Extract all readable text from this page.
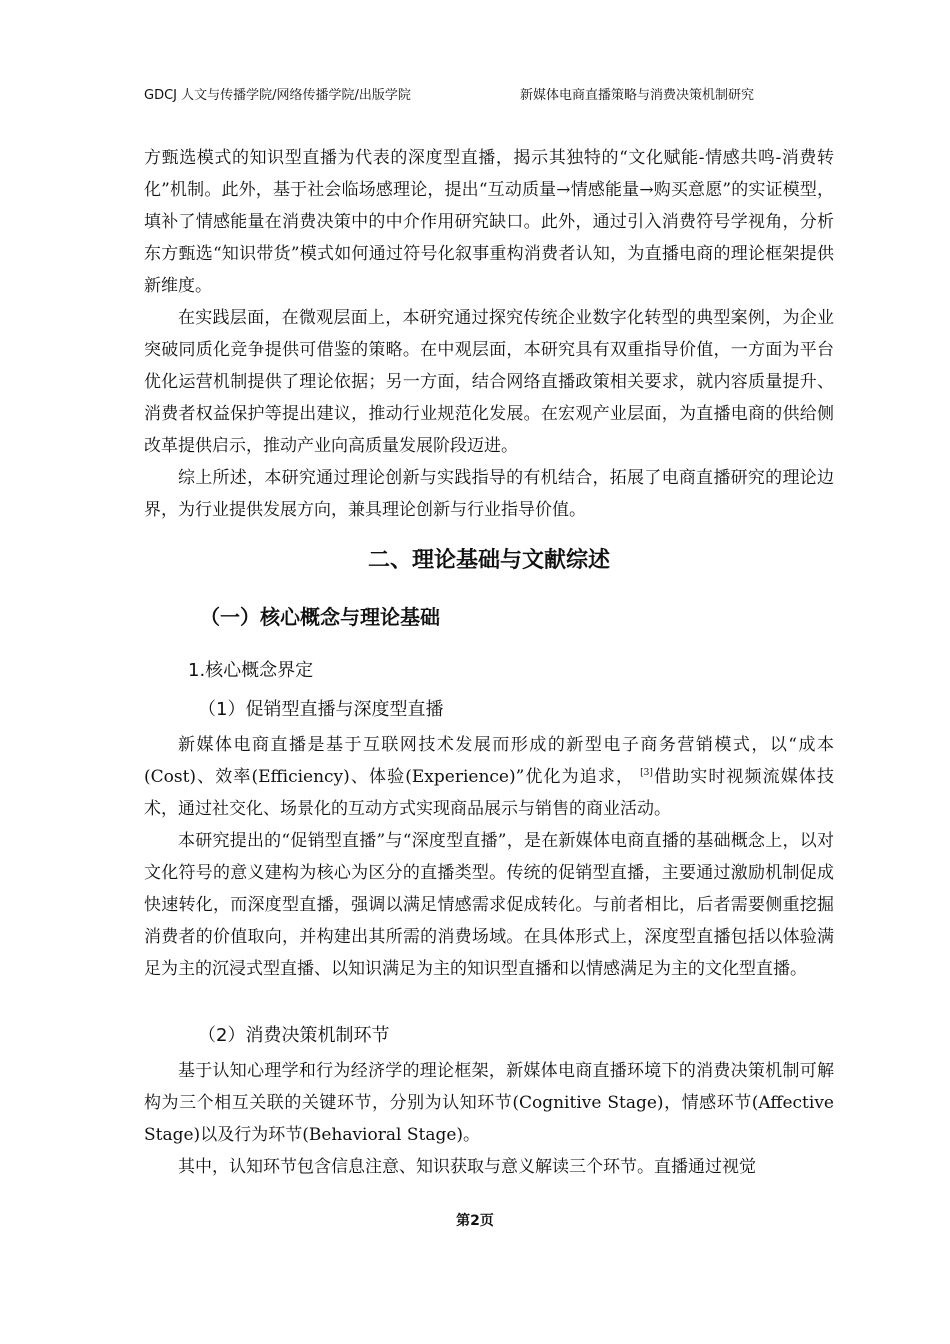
GDCJ 人文与传播学院/网络传播学院/出版学院	新媒体电商直播策略与消费决策机制研究

方甄选模式的知识型直播为代表的深度型直播，揭示其独特的“文化赋能-情感共鸣-消费转化”机制。此外，基于社会临场感理论，提出“互动质量→情感能量→购买意愿”的实证模型，填补了情感能量在消费决策中的中介作用研究缺口。此外，通过引入消费符号学视角，分析东方甄选“知识带货”模式如何通过符号化叙事重构消费者认知，为直播电商的理论框架提供新维度。

在实践层面，在微观层面上，本研究通过探究传统企业数字化转型的典型案例，为企业突破同质化竞争提供可借鉴的策略。在中观层面，本研究具有双重指导价值，一方面为平台优化运营机制提供了理论依据；另一方面，结合网络直播政策相关要求，就内容质量提升、消费者权益保护等提出建议，推动行业规范化发展。在宏观产业层面，为直播电商的供给侧改革提供启示，推动产业向高质量发展阶段迈进。

综上所述，本研究通过理论创新与实践指导的有机结合，拓展了电商直播研究的理论边界，为行业提供发展方向，兼具理论创新与行业指导价值。

二、理论基础与文献综述
（一）核心概念与理论基础
1.核心概念界定
（1）促销型直播与深度型直播

新媒体电商直播是基于互联网技术发展而形成的新型电子商务营销模式，以“成本(Cost)、效率(Efficiency)、体验(Experience)”优化为追求， [3]借助实时视频流媒体技术，通过社交化、场景化的互动方式实现商品展示与销售的商业活动。

本研究提出的“促销型直播”与“深度型直播”，是在新媒体电商直播的基础概念上，以对文化符号的意义建构为核心为区分的直播类型。传统的促销型直播，主要通过激励机制促成快速转化，而深度型直播，强调以满足情感需求促成转化。与前者相比，后者需要侧重挖掘消费者的价值取向，并构建出其所需的消费场域。在具体形式上，深度型直播包括以体验满足为主的沉浸式型直播、以知识满足为主的知识型直播和以情感满足为主的文化型直播。

（2）消费决策机制环节

基于认知心理学和行为经济学的理论框架，新媒体电商直播环境下的消费决策机制可解构为三个相互关联的关键环节，分别为认知环节(Cognitive Stage)，情感环节(Affective Stage)以及行为环节(Behavioral Stage)。

其中，认知环节包含信息注意、知识获取与意义解读三个环节。直播通过视觉

第2页
